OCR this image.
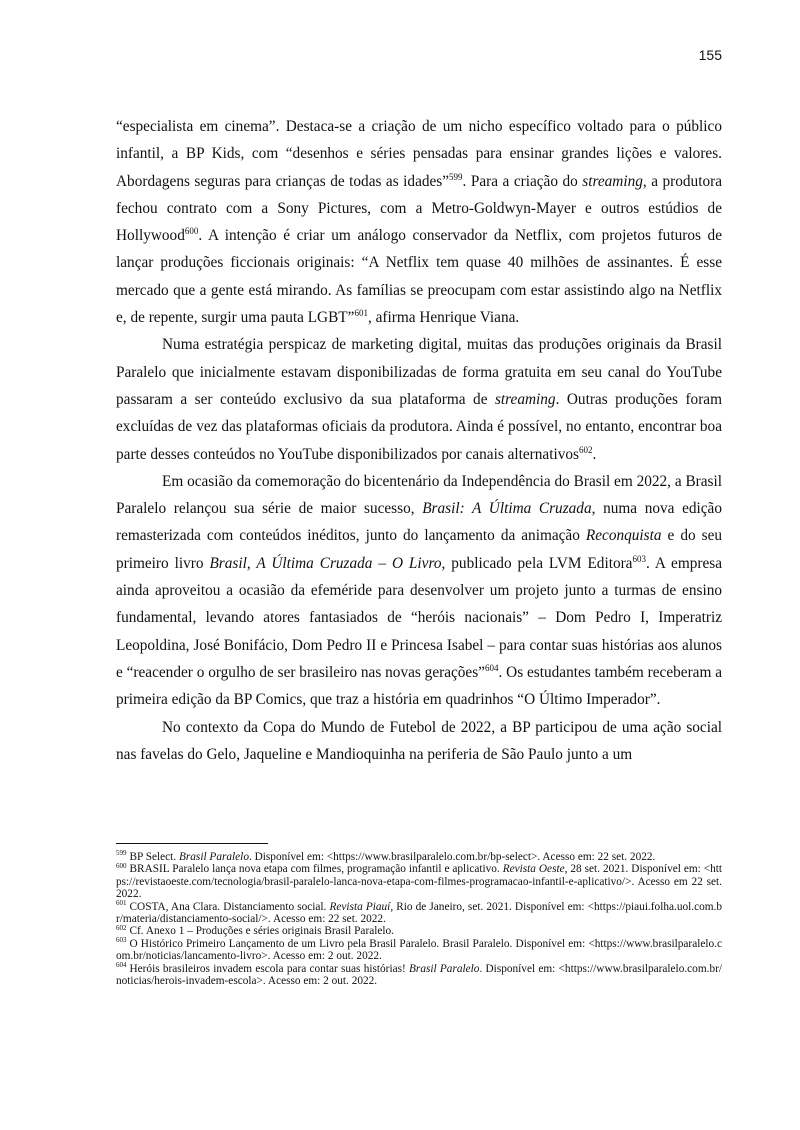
155

“especialista em cinema”. Destaca-se a criação de um nicho específico voltado para o público infantil, a BP Kids, com “desenhos e séries pensadas para ensinar grandes lições e valores. Abordagens seguras para crianças de todas as idades”$^{599}$. Para a criação do streaming, a produtora fechou contrato com a Sony Pictures, com a Metro-Goldwyn-Mayer e outros estúdios de Hollywood$^{600}$. A intenção é criar um análogo conservador da Netflix, com projetos futuros de lançar produções ficcionais originais: “A Netflix tem quase 40 milhões de assinantes. É esse mercado que a gente está mirando. As famílias se preocupam com estar assistindo algo na Netflix e, de repente, surgir uma pauta LGBT”$^{601}$, afirma Henrique Viana.

Numa estratégia perspicaz de marketing digital, muitas das produções originais da Brasil Paralelo que inicialmente estavam disponibilizadas de forma gratuita em seu canal do YouTube passaram a ser conteúdo exclusivo da sua plataforma de streaming. Outras produções foram excluídas de vez das plataformas oficiais da produtora. Ainda é possível, no entanto, encontrar boa parte desses conteúdos no YouTube disponibilizados por canais alternativos$^{602}$.

Em ocasião da comemoração do bicentenário da Independência do Brasil em 2022, a Brasil Paralelo relançou sua série de maior sucesso, Brasil: A Última Cruzada, numa nova edição remasterizada com conteúdos inéditos, junto do lançamento da animação Reconquista e do seu primeiro livro Brasil, A Última Cruzada – O Livro, publicado pela LVM Editora$^{603}$. A empresa ainda aproveitou a ocasião da efeméride para desenvolver um projeto junto a turmas de ensino fundamental, levando atores fantasiados de “heróis nacionais” – Dom Pedro I, Imperatriz Leopoldina, José Bonifácio, Dom Pedro II e Princesa Isabel – para contar suas histórias aos alunos e “reacender o orgulho de ser brasileiro nas novas gerações”$^{604}$. Os estudantes também receberam a primeira edição da BP Comics, que traz a história em quadrinhos “O Último Imperador”.

No contexto da Copa do Mundo de Futebol de 2022, a BP participou de uma ação social nas favelas do Gelo, Jaqueline e Mandioquinha na periferia de São Paulo junto a um

$^{599}$ BP Select. Brasil Paralelo. Disponível em: <https://www.brasilparalelo.com.br/bp-select>. Acesso em: 22 set. 2022.

$^{600}$ BRASIL Paralelo lança nova etapa com filmes, programação infantil e aplicativo. Revista Oeste, 28 set. 2021. Disponível em: <https://revistaoeste.com/tecnologia/brasil-paralelo-lanca-nova-etapa-com-filmes-programacao-infantil-e-aplicativo/>. Acesso em 22 set. 2022.

$^{601}$ COSTA, Ana Clara. Distanciamento social. Revista Piauí, Rio de Janeiro, set. 2021. Disponível em: <https://piaui.folha.uol.com.br/materia/distanciamento-social/>. Acesso em: 22 set. 2022.

$^{602}$ Cf. Anexo 1 – Produções e séries originais Brasil Paralelo.

$^{603}$ O Histórico Primeiro Lançamento de um Livro pela Brasil Paralelo. Brasil Paralelo. Disponível em: <https://www.brasilparalelo.com.br/noticias/lancamento-livro>. Acesso em: 2 out. 2022.

$^{604}$ Heróis brasileiros invadem escola para contar suas histórias! Brasil Paralelo. Disponível em: <https://www.brasilparalelo.com.br/noticias/herois-invadem-escola>. Acesso em: 2 out. 2022.
